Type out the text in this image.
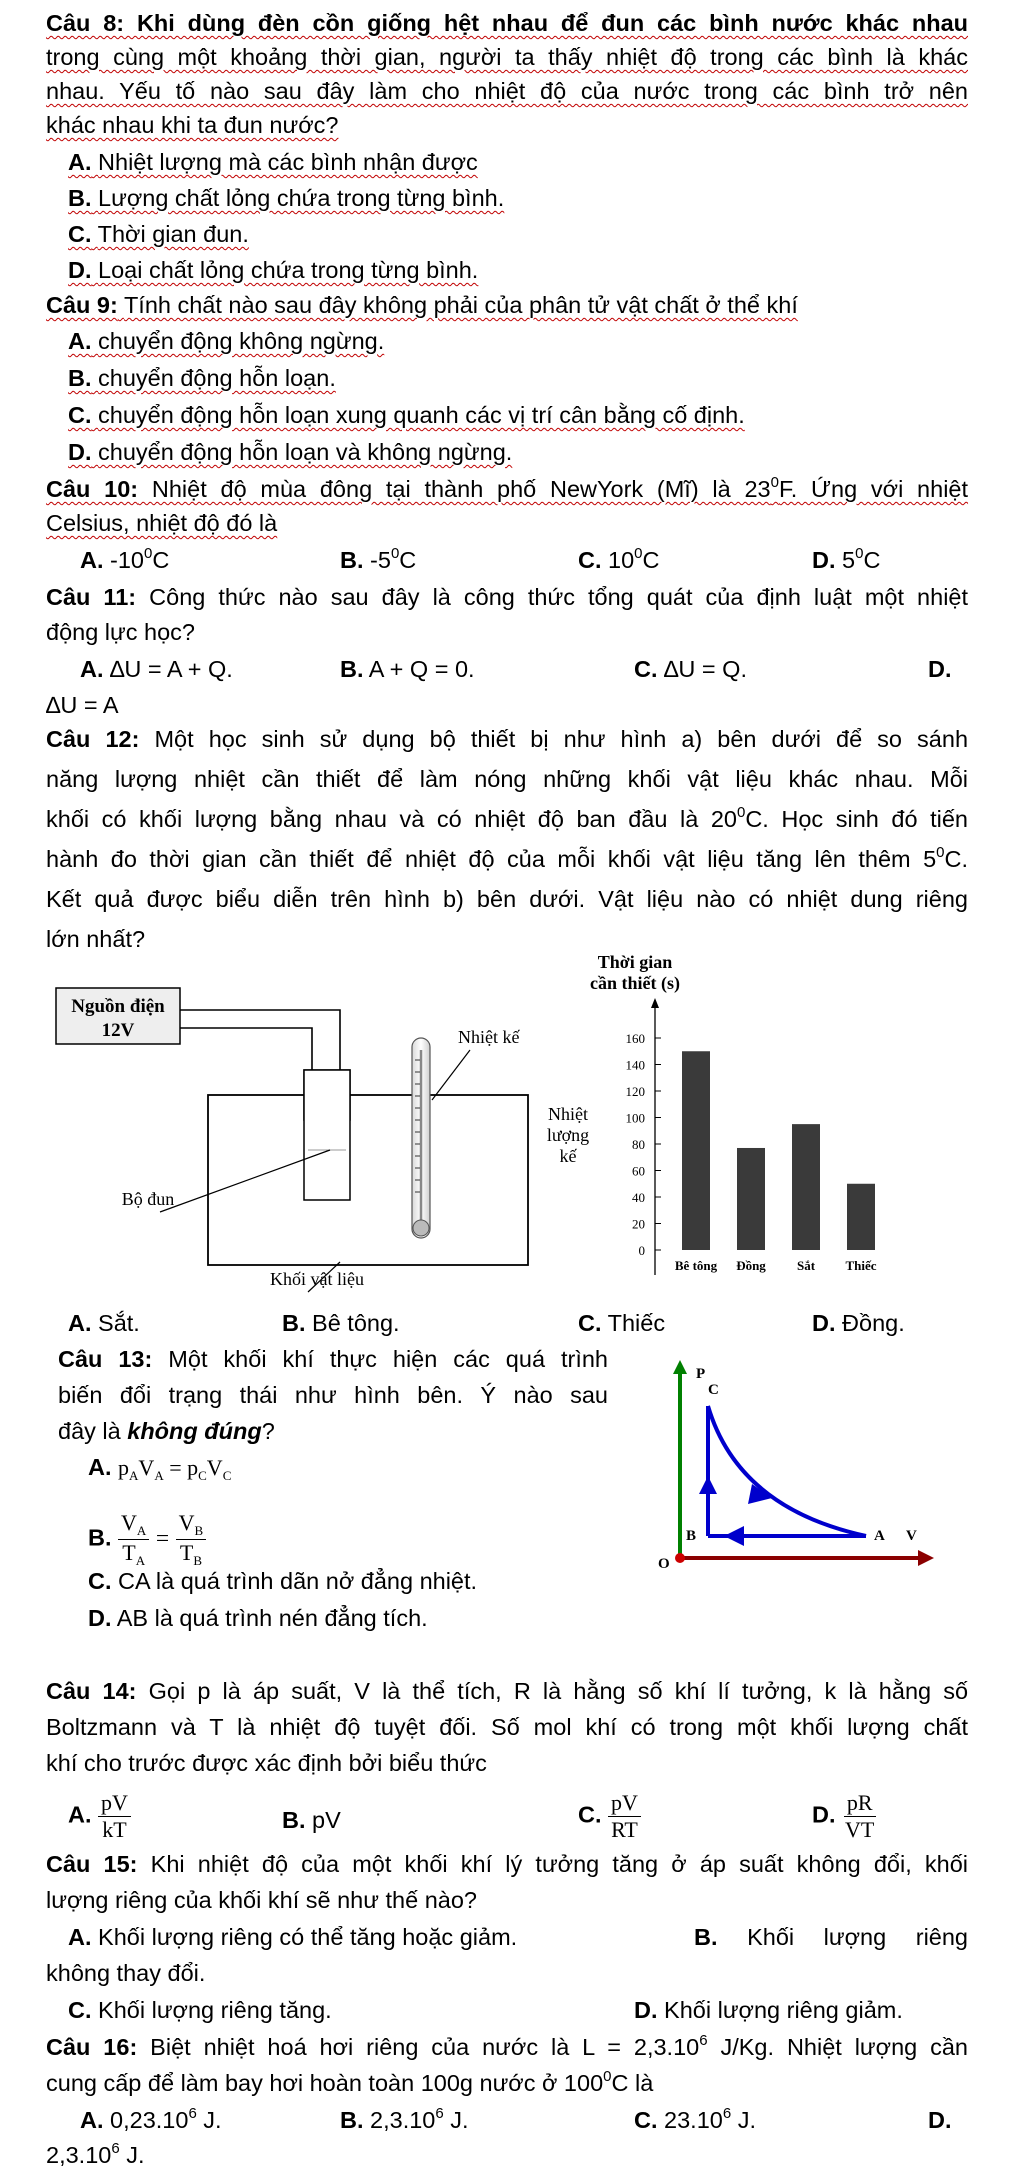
Câu 8: Khi dùng đèn cồn giống hệt nhau để đun các bình nước khác nhau
trong cùng một khoảng thời gian, người ta thấy nhiệt độ trong các bình là khác
nhau. Yếu tố nào sau đây làm cho nhiệt độ của nước trong các bình trở nên
khác nhau khi ta đun nước?
A. Nhiệt lượng mà các bình nhận được
B. Lượng chất lỏng chứa trong từng bình.
C. Thời gian đun.
D. Loại chất lỏng chứa trong từng bình.
Câu 9: Tính chất nào sau đây không phải của phân tử vật chất ở thể khí
A. chuyển động không ngừng.
B. chuyển động hỗn loạn.
C. chuyển động hỗn loạn xung quanh các vị trí cân bằng cố định.
D. chuyển động hỗn loạn và không ngừng.
Câu 10: Nhiệt độ mùa đông tại thành phố NewYork (Mĩ) là $23^0F$. Ứng với nhiệt
Celsius, nhiệt độ đó là
A. $-10^0C$	B. $-5^0C$	C. $10^0C$	D. $5^0C$
Câu 11: Công thức nào sau đây là công thức tổng quát của định luật một nhiệt
động lực học?
A. ∆U = A + Q.	B. A + Q = 0.	C. ∆U = Q.	D.
∆U = A
Câu 12: Một học sinh sử dụng bộ thiết bị như hình a) bên dưới để so sánh
năng lượng nhiệt cần thiết để làm nóng những khối vật liệu khác nhau. Mỗi
khối có khối lượng bằng nhau và có nhiệt độ ban đầu là $20^0C$. Học sinh đó tiến
hành đo thời gian cần thiết để nhiệt độ của mỗi khối vật liệu tăng lên thêm $5^0C$.
Kết quả được biểu diễn trên hình b) bên dưới. Vật liệu nào có nhiệt dung riêng
lớn nhất?
Nguồn điện
12V	Nhiệt kế
Nhiệt
lượng
kế
Bộ đun
Khối vật liệu
Thời gian
cần thiết (s)
0
20
40
60
80
100
120
140
160
Bê tông Đồng Sắt Thiếc
A. Sắt.	B. Bê tông.	C. Thiếc	D. Đồng.
Câu 13: Một khối khí thực hiện các quá trình
biến đổi trạng thái như hình bên. Ý nào sau
đây là không đúng?
A. $p_AV_A = p_CV_C$
B. $\frac{V_A}{T_A} = \frac{V_B}{T_B}$
C. CA là quá trình dãn nở đẳng nhiệt.
D. AB là quá trình nén đẳng tích.
P
C
B	A V
O
Câu 14: Gọi p là áp suất, V là thể tích, R là hằng số khí lí tưởng, k là hằng số
Boltzmann và T là nhiệt độ tuyệt đối. Số mol khí có trong một khối lượng chất
khí cho trước được xác định bởi biểu thức
A. $\frac{pV}{kT}$	B. pV	C. $\frac{pV}{RT}$	D. $\frac{pR}{VT}$
Câu 15: Khi nhiệt độ của một khối khí lý tưởng tăng ở áp suất không đổi, khối
lượng riêng của khối khí sẽ như thế nào?
A. Khối lượng riêng có thể tăng hoặc giảm.	B. Khối lượng riêng
không thay đổi.
C. Khối lượng riêng tăng.	D. Khối lượng riêng giảm.
Câu 16: Biệt nhiệt hoá hơi riêng của nước là $L = 2,3.10^6$ J/Kg. Nhiệt lượng cần
cung cấp để làm bay hơi hoàn toàn 100g nước ở $100^0C$ là
A. 0,23.10$^6$ J.	B. 2,3.10$^6$ J.	C. 23.10$^6$ J.	D.
2,3.10$^6$ J.
